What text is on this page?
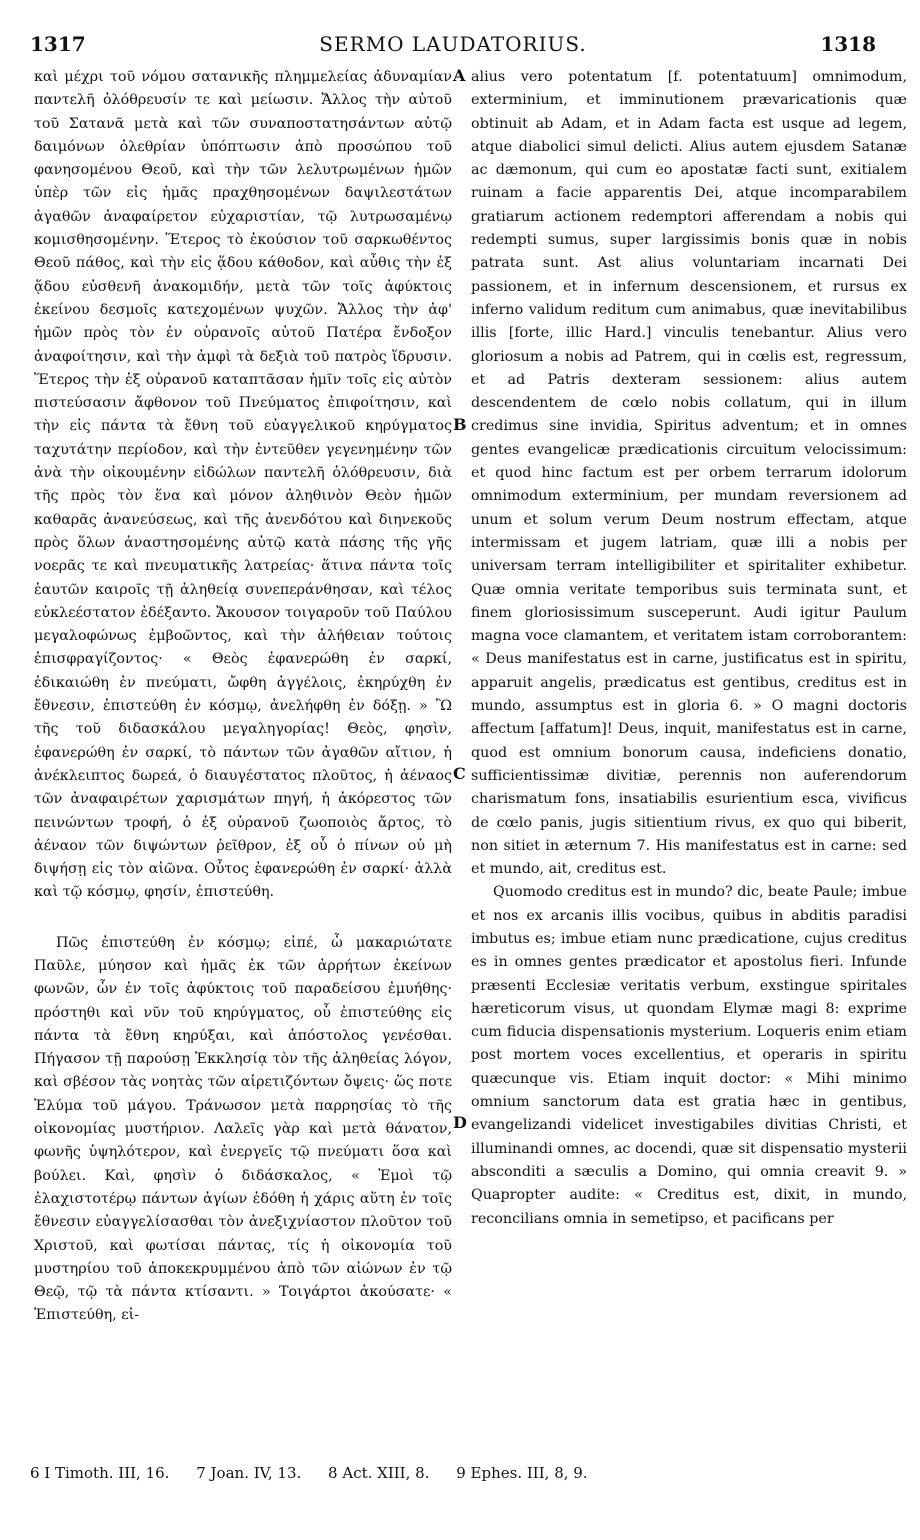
1317	SERMO LAUDATORIUS.	1318

καὶ μέχρι τοῦ νόμου σατανικῆς πλημμελείας ἀδυναμίαν παντελῆ ὀλόθρευσίν τε καὶ μείωσιν. Ἄλλος τὴν αὐτοῦ τοῦ Σατανᾶ μετὰ καὶ τῶν συναποστατησάντων αὐτῷ δαιμόνων ὀλεθρίαν ὑπόπτωσιν ἀπὸ προσώπου τοῦ φανησομένου Θεοῦ, καὶ τὴν τῶν λελυτρωμένων ἡμῶν ὑπὲρ τῶν εἰς ἡμᾶς πραχθησομένων δαψιλεστάτων ἀγαθῶν ἀναφαίρετον εὐχαριστίαν, τῷ λυτρωσαμένῳ κομισθησομένην. Ἕτερος τὸ ἑκούσιον τοῦ σαρκωθέντος Θεοῦ πάθος, καὶ τὴν εἰς ᾅδου κάθοδον, καὶ αὖθις τὴν ἐξ ᾅδου εὐσθενῆ ἀνακομιδήν, μετὰ τῶν τοῖς ἀφύκτοις ἐκείνου δεσμοῖς κατεχομένων ψυχῶν. Ἄλλος τὴν ἀφ' ἡμῶν πρὸς τὸν ἐν οὐρανοῖς αὐτοῦ Πατέρα ἔνδοξον ἀναφοίτησιν, καὶ τὴν ἀμφὶ τὰ δεξιὰ τοῦ πατρὸς ἵδρυσιν. Ἕτερος τὴν ἐξ οὐρανοῦ καταπτᾶσαν ἡμῖν τοῖς εἰς αὐτὸν πιστεύσασιν ἄφθονον τοῦ Πνεύματος ἐπιφοίτησιν, καὶ τὴν εἰς πάντα τὰ ἔθνη τοῦ εὐαγγελικοῦ κηρύγματος ταχυτάτην περίοδον, καὶ τὴν ἐντεῦθεν γεγενημένην τῶν ἀνὰ τὴν οἰκουμένην εἰδώλων παντελῆ ὀλόθρευσιν, διὰ τῆς πρὸς τὸν ἕνα καὶ μόνον ἀληθινὸν Θεὸν ἡμῶν καθαρᾶς ἀνανεύσεως, καὶ τῆς ἀνενδότου καὶ διηνεκοῦς πρὸς ὅλων ἀναστησομένης αὐτῷ κατὰ πάσης τῆς γῆς νοερᾶς τε καὶ πνευματικῆς λατρείας· ἅτινα πάντα τοῖς ἑαυτῶν καιροῖς τῇ ἀληθείᾳ συνεπεράνθησαν, καὶ τέλος εὐκλεέστατον ἐδέξαντο. Ἄκουσον τοιγαροῦν τοῦ Παύλου μεγαλοφώνως ἐμβοῶντος, καὶ τὴν ἀλήθειαν τούτοις ἐπισφραγίζοντος· « Θεὸς ἐφανερώθη ἐν σαρκί, ἐδικαιώθη ἐν πνεύματι, ὤφθη ἀγγέλοις, ἐκηρύχθη ἐν ἔθνεσιν, ἐπιστεύθη ἐν κόσμῳ, ἀνελήφθη ἐν δόξῃ. » Ὢ τῆς τοῦ διδασκάλου μεγαληγορίας! Θεὸς, φησὶν, ἐφανερώθη ἐν σαρκί, τὸ πάντων τῶν ἀγαθῶν αἴτιον, ἡ ἀνέκλειπτος δωρεά, ὁ διαυγέστατος πλοῦτος, ἡ ἀέναος τῶν ἀναφαιρέτων χαρισμάτων πηγή, ἡ ἀκόρεστος τῶν πεινώντων τροφή, ὁ ἐξ οὐρανοῦ ζωοποιὸς ἄρτος, τὸ ἀέναον τῶν διψώντων ῥεῖθρον, ἐξ οὗ ὁ πίνων οὐ μὴ διψήσῃ εἰς τὸν αἰῶνα. Οὗτος ἐφανερώθη ἐν σαρκί· ἀλλὰ καὶ τῷ κόσμῳ, φησίν, ἐπιστεύθη.

Πῶς ἐπιστεύθη ἐν κόσμῳ; εἰπέ, ὦ μακαριώτατε Παῦλε, μύησον καὶ ἡμᾶς ἐκ τῶν ἀρρήτων ἐκείνων φωνῶν, ὧν ἐν τοῖς ἀφύκτοις τοῦ παραδείσου ἐμυήθης· πρόστηθι καὶ νῦν τοῦ κηρύγματος, οὗ ἐπιστεύθης εἰς πάντα τὰ ἔθνη κηρύξαι, καὶ ἀπόστολος γενέσθαι. Πήγασον τῇ παρούσῃ Ἐκκλησίᾳ τὸν τῆς ἀληθείας λόγον, καὶ σβέσον τὰς νοητὰς τῶν αἱρετιζόντων ὄψεις· ὥς ποτε Ἐλύμα τοῦ μάγου. Τράνωσον μετὰ παρρησίας τὸ τῆς οἰκονομίας μυστήριον. Λαλεῖς γὰρ καὶ μετὰ θάνατον, φωνῆς ὑψηλότερον, καὶ ἐνεργεῖς τῷ πνεύματι ὅσα καὶ βούλει. Καὶ, φησὶν ὁ διδάσκαλος, « Ἐμοὶ τῷ ἐλαχιστοτέρῳ πάντων ἁγίων ἐδόθη ἡ χάρις αὕτη ἐν τοῖς ἔθνεσιν εὐαγγελίσασθαι τὸν ἀνεξιχνίαστον πλοῦτον τοῦ Χριστοῦ, καὶ φωτίσαι πάντας, τίς ἡ οἰκονομία τοῦ μυστηρίου τοῦ ἀποκεκρυμμένου ἀπὸ τῶν αἰώνων ἐν τῷ Θεῷ, τῷ τὰ πάντα κτίσαντι. » Τοιγάρτοι ἀκούσατε· « Ἐπιστεύθη, εἰ-

alius vero potentatum [f. potentatuum] omnimodum, exterminium, et imminutionem prævaricationis quæ obtinuit ab Adam, et in Adam facta est usque ad legem, atque diabolici simul delicti. Alius autem ejusdem Satanæ ac dæmonum, qui cum eo apostatæ facti sunt, exitialem ruinam a facie apparentis Dei, atque incomparabilem gratiarum actionem redemptori afferendam a nobis qui redempti sumus, super largissimis bonis quæ in nobis patrata sunt. Ast alius voluntariam incarnati Dei passionem, et in infernum descensionem, et rursus ex inferno validum reditum cum animabus, quæ inevitabilibus illis [forte, illic Hard.] vinculis tenebantur. Alius vero gloriosum a nobis ad Patrem, qui in cœlis est, regressum, et ad Patris dexteram sessionem: alius autem descendentem de cœlo nobis collatum, qui in illum credimus sine invidia, Spiritus adventum; et in omnes gentes evangelicæ prædicationis circuitum velocissimum: et quod hinc factum est per orbem terrarum idolorum omnimodum exterminium, per mundam reversionem ad unum et solum verum Deum nostrum effectam, atque intermissam et jugem latriam, quæ illi a nobis per universam terram intelligibiliter et spiritaliter exhibetur. Quæ omnia veritate temporibus suis terminata sunt, et finem gloriosissimum susceperunt. Audi igitur Paulum magna voce clamantem, et veritatem istam corroborantem: « Deus manifestatus est in carne, justificatus est in spiritu, apparuit angelis, prædicatus est gentibus, creditus est in mundo, assumptus est in gloria 6. » O magni doctoris affectum [affatum]! Deus, inquit, manifestatus est in carne, quod est omnium bonorum causa, indeficiens donatio, sufficientissimæ divitiæ, perennis non auferendorum charismatum fons, insatiabilis esurientium esca, vivificus de cœlo panis, jugis sitientium rivus, ex quo qui biberit, non sitiet in æternum 7. His manifestatus est in carne: sed et mundo, ait, creditus est.

Quomodo creditus est in mundo? dic, beate Paule; imbue et nos ex arcanis illis vocibus, quibus in abditis paradisi imbutus es; imbue etiam nunc prædicatione, cujus creditus es in omnes gentes prædicator et apostolus fieri. Infunde præsenti Ecclesiæ veritatis verbum, exstingue spiritales hæreticorum visus, ut quondam Elymæ magi 8: exprime cum fiducia dispensationis mysterium. Loqueris enim etiam post mortem voces excellentius, et operaris in spiritu quæcunque vis. Etiam inquit doctor: « Mihi minimo omnium sanctorum data est gratia hæc in gentibus, evangelizandi videlicet investigabiles divitias Christi, et illuminandi omnes, ac docendi, quæ sit dispensatio mysterii absconditi a sæculis a Domino, qui omnia creavit 9. » Quapropter audite: « Creditus est, dixit, in mundo, reconcilians omnia in semetipso, et pacificans per

A
B
C
D
6 I Timoth. III, 16. 7 Joan. IV, 13. 8 Act. XIII, 8. 9 Ephes. III, 8, 9.
